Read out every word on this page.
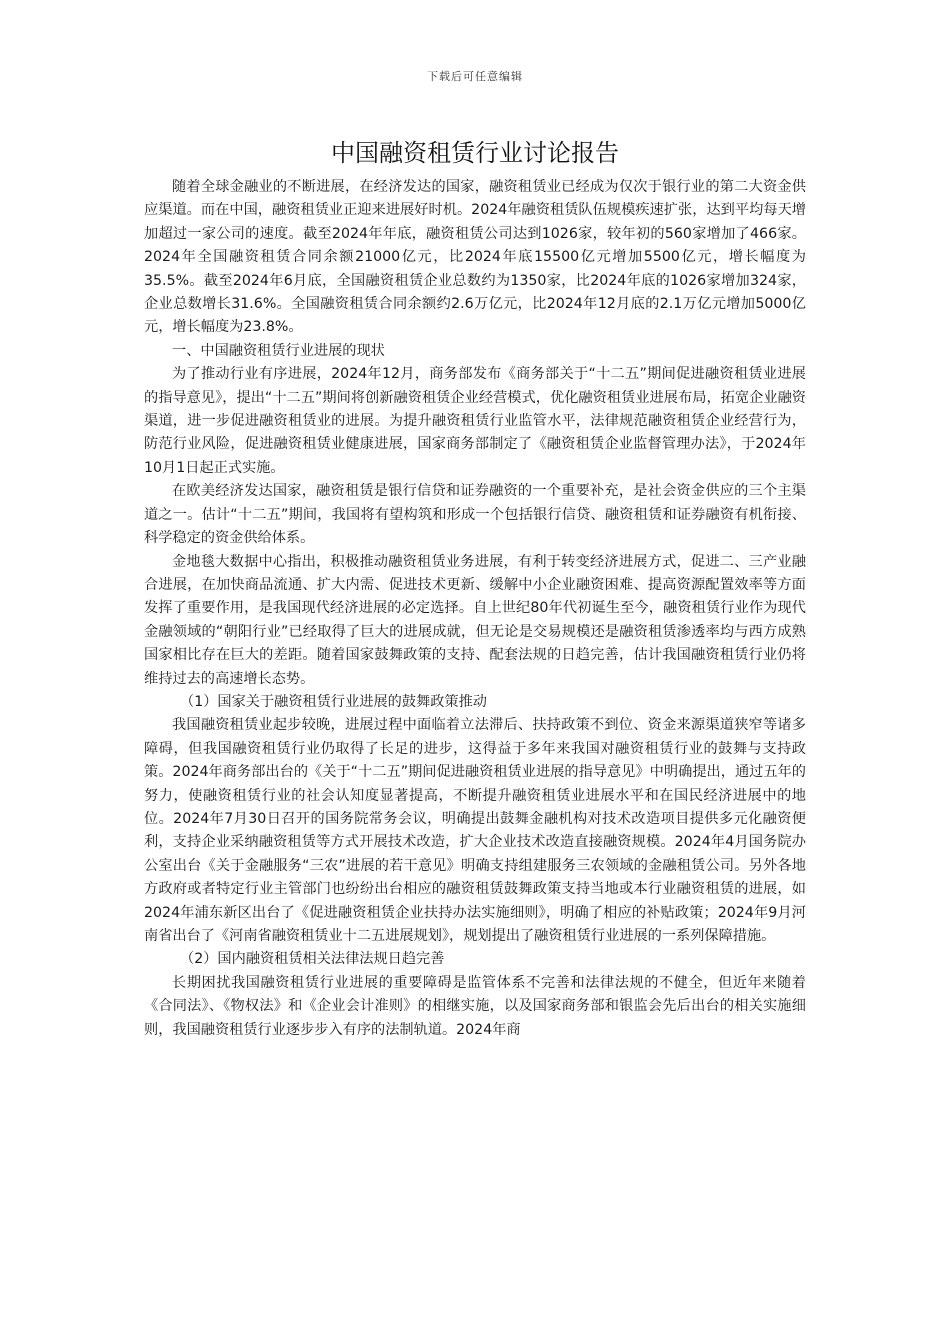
下载后可任意编辑
中国融资租赁行业讨论报告

随着全球金融业的不断进展，在经济发达的国家，融资租赁业已经成为仅次于银行业的第二大资金供应渠道。而在中国，融资租赁业正迎来进展好时机。2024年融资租赁队伍规模疾速扩张，达到平均每天增加超过一家公司的速度。截至2024年年底，融资租赁公司达到1026家，较年初的560家增加了466家。2024年全国融资租赁合同余额21000亿元，比2024年底15500亿元增加5500亿元，增长幅度为35.5%。截至2024年6月底，全国融资租赁企业总数约为1350家，比2024年底的1026家增加324家，企业总数增长31.6%。全国融资租赁合同余额约2.6万亿元，比2024年12月底的2.1万亿元增加5000亿元，增长幅度为23.8%。

一、中国融资租赁行业进展的现状

为了推动行业有序进展，2024年12月，商务部发布《商务部关于“十二五”期间促进融资租赁业进展的指导意见》，提出“十二五”期间将创新融资租赁企业经营模式，优化融资租赁业进展布局，拓宽企业融资渠道，进一步促进融资租赁业的进展。为提升融资租赁行业监管水平，法律规范融资租赁企业经营行为，防范行业风险，促进融资租赁业健康进展，国家商务部制定了《融资租赁企业监督管理办法》，于2024年10月1日起正式实施。

在欧美经济发达国家，融资租赁是银行信贷和证券融资的一个重要补充，是社会资金供应的三个主渠道之一。估计“十二五”期间，我国将有望构筑和形成一个包括银行信贷、融资租赁和证券融资有机衔接、科学稳定的资金供给体系。

金地毯大数据中心指出，积极推动融资租赁业务进展，有利于转变经济进展方式，促进二、三产业融合进展，在加快商品流通、扩大内需、促进技术更新、缓解中小企业融资困难、提高资源配置效率等方面发挥了重要作用，是我国现代经济进展的必定选择。自上世纪80年代初诞生至今，融资租赁行业作为现代金融领域的“朝阳行业”已经取得了巨大的进展成就，但无论是交易规模还是融资租赁渗透率均与西方成熟国家相比存在巨大的差距。随着国家鼓舞政策的支持、配套法规的日趋完善，估计我国融资租赁行业仍将维持过去的高速增长态势。

（1）国家关于融资租赁行业进展的鼓舞政策推动

我国融资租赁业起步较晚，进展过程中面临着立法滞后、扶持政策不到位、资金来源渠道狭窄等诸多障碍，但我国融资租赁行业仍取得了长足的进步，这得益于多年来我国对融资租赁行业的鼓舞与支持政策。2024年商务部出台的《关于“十二五”期间促进融资租赁业进展的指导意见》中明确提出，通过五年的努力，使融资租赁行业的社会认知度显著提高，不断提升融资租赁业进展水平和在国民经济进展中的地位。2024年7月30日召开的国务院常务会议，明确提出鼓舞金融机构对技术改造项目提供多元化融资便利，支持企业采纳融资租赁等方式开展技术改造，扩大企业技术改造直接融资规模。2024年4月国务院办公室出台《关于金融服务“三农”进展的若干意见》明确支持组建服务三农领域的金融租赁公司。另外各地方政府或者特定行业主管部门也纷纷出台相应的融资租赁鼓舞政策支持当地或本行业融资租赁的进展，如2024年浦东新区出台了《促进融资租赁企业扶持办法实施细则》，明确了相应的补贴政策；2024年9月河南省出台了《河南省融资租赁业十二五进展规划》，规划提出了融资租赁行业进展的一系列保障措施。

（2）国内融资租赁相关法律法规日趋完善

长期困扰我国融资租赁行业进展的重要障碍是监管体系不完善和法律法规的不健全，但近年来随着《合同法》、《物权法》和《企业会计准则》的相继实施，以及国家商务部和银监会先后出台的相关实施细则，我国融资租赁行业逐步步入有序的法制轨道。2024年商
